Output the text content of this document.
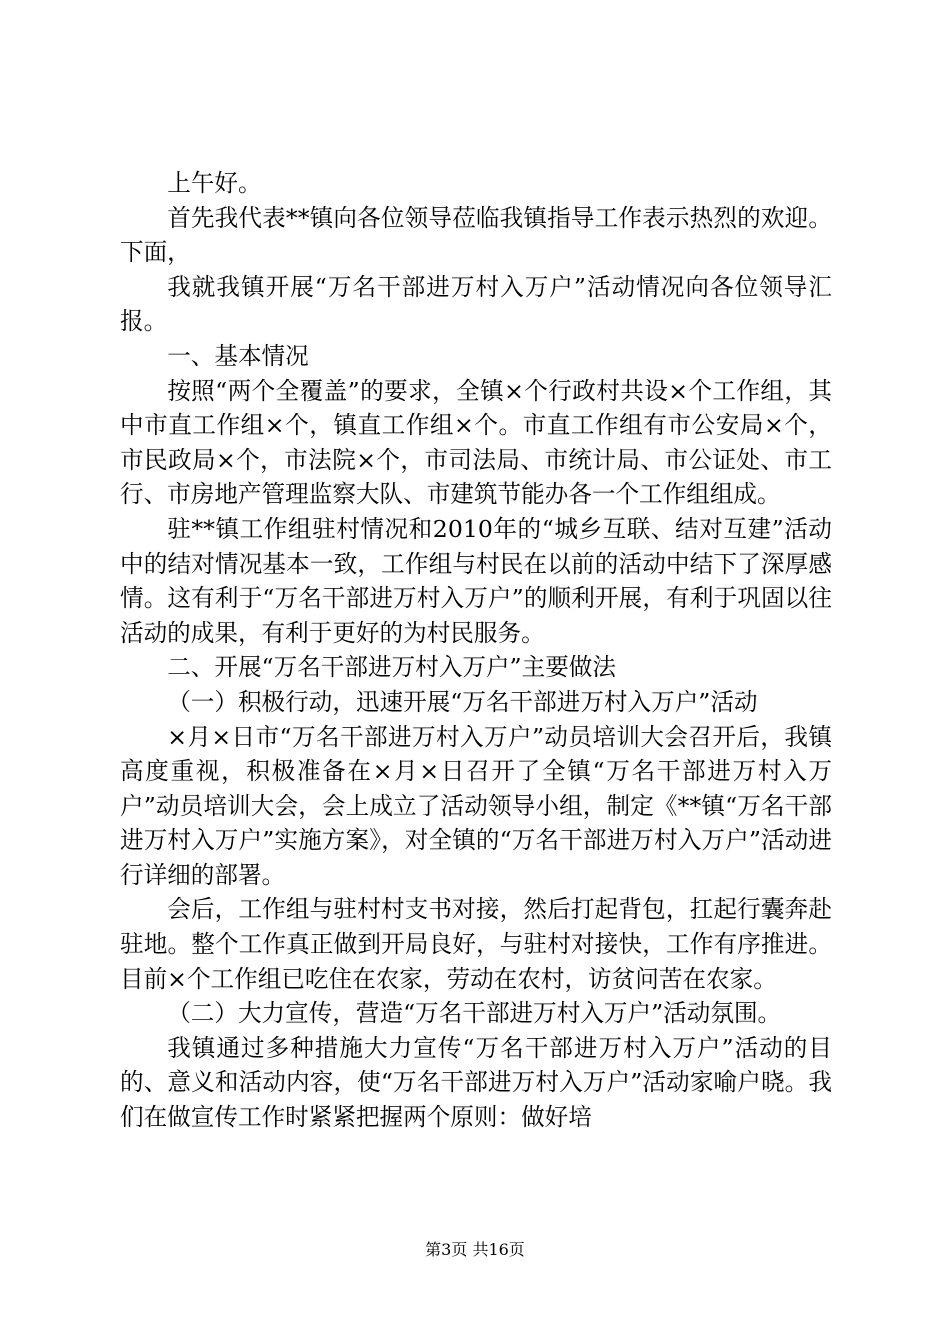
上午好。

首先我代表**镇向各位领导莅临我镇指导工作表示热烈的欢迎。下面，

我就我镇开展“万名干部进万村入万户”活动情况向各位领导汇报。

一、基本情况

按照“两个全覆盖”的要求，全镇×个行政村共设×个工作组，其中市直工作组×个，镇直工作组×个。市直工作组有市公安局×个，市民政局×个，市法院×个，市司法局、市统计局、市公证处、市工行、市房地产管理监察大队、市建筑节能办各一个工作组组成。

驻**镇工作组驻村情况和2010年的“城乡互联、结对互建”活动中的结对情况基本一致，工作组与村民在以前的活动中结下了深厚感情。这有利于“万名干部进万村入万户”的顺利开展，有利于巩固以往活动的成果，有利于更好的为村民服务。

二、开展“万名干部进万村入万户”主要做法

（一）积极行动，迅速开展“万名干部进万村入万户”活动

×月×日市“万名干部进万村入万户”动员培训大会召开后，我镇高度重视，积极准备在×月×日召开了全镇“万名干部进万村入万户”动员培训大会，会上成立了活动领导小组，制定《**镇“万名干部进万村入万户”实施方案》，对全镇的“万名干部进万村入万户”活动进行详细的部署。

会后，工作组与驻村村支书对接，然后打起背包，扛起行囊奔赴驻地。整个工作真正做到开局良好，与驻村对接快，工作有序推进。目前×个工作组已吃住在农家，劳动在农村，访贫问苦在农家。

（二）大力宣传，营造“万名干部进万村入万户”活动氛围。

我镇通过多种措施大力宣传“万名干部进万村入万户”活动的目的、意义和活动内容，使“万名干部进万村入万户”活动家喻户晓。我们在做宣传工作时紧紧把握两个原则：做好培

第3页 共16页
